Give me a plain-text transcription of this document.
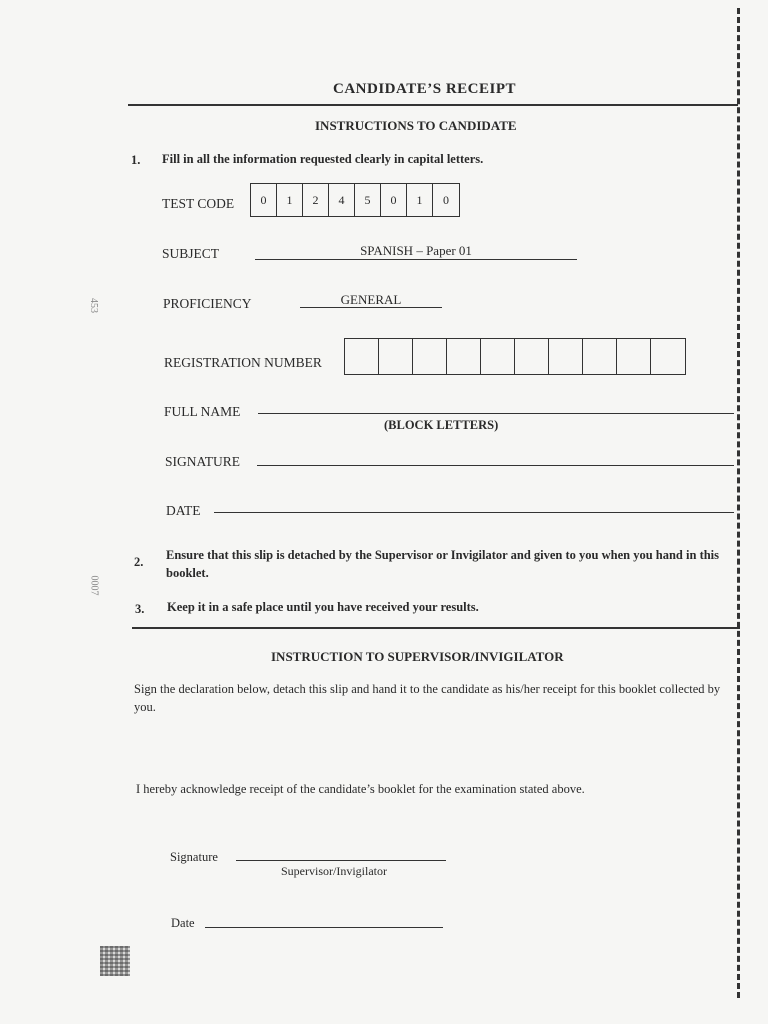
453
0007
CANDIDATE’S RECEIPT
INSTRUCTIONS TO CANDIDATE
1. Fill in all the information requested clearly in capital letters.
TEST CODE	0	1	2	4	5	0	1	0
SUBJECT	SPANISH – Paper 01
PROFICIENCY	GENERAL
REGISTRATION NUMBER
FULL NAME
(BLOCK LETTERS)
SIGNATURE
DATE
2. Ensure that this slip is detached by the Supervisor or Invigilator and given to you when you hand in this booklet.
3. Keep it in a safe place until you have received your results.
INSTRUCTION TO SUPERVISOR/INVIGILATOR
Sign the declaration below, detach this slip and hand it to the candidate as his/her receipt for this booklet collected by you.
I hereby acknowledge receipt of the candidate’s booklet for the examination stated above.
Signature
Supervisor/Invigilator
Date
